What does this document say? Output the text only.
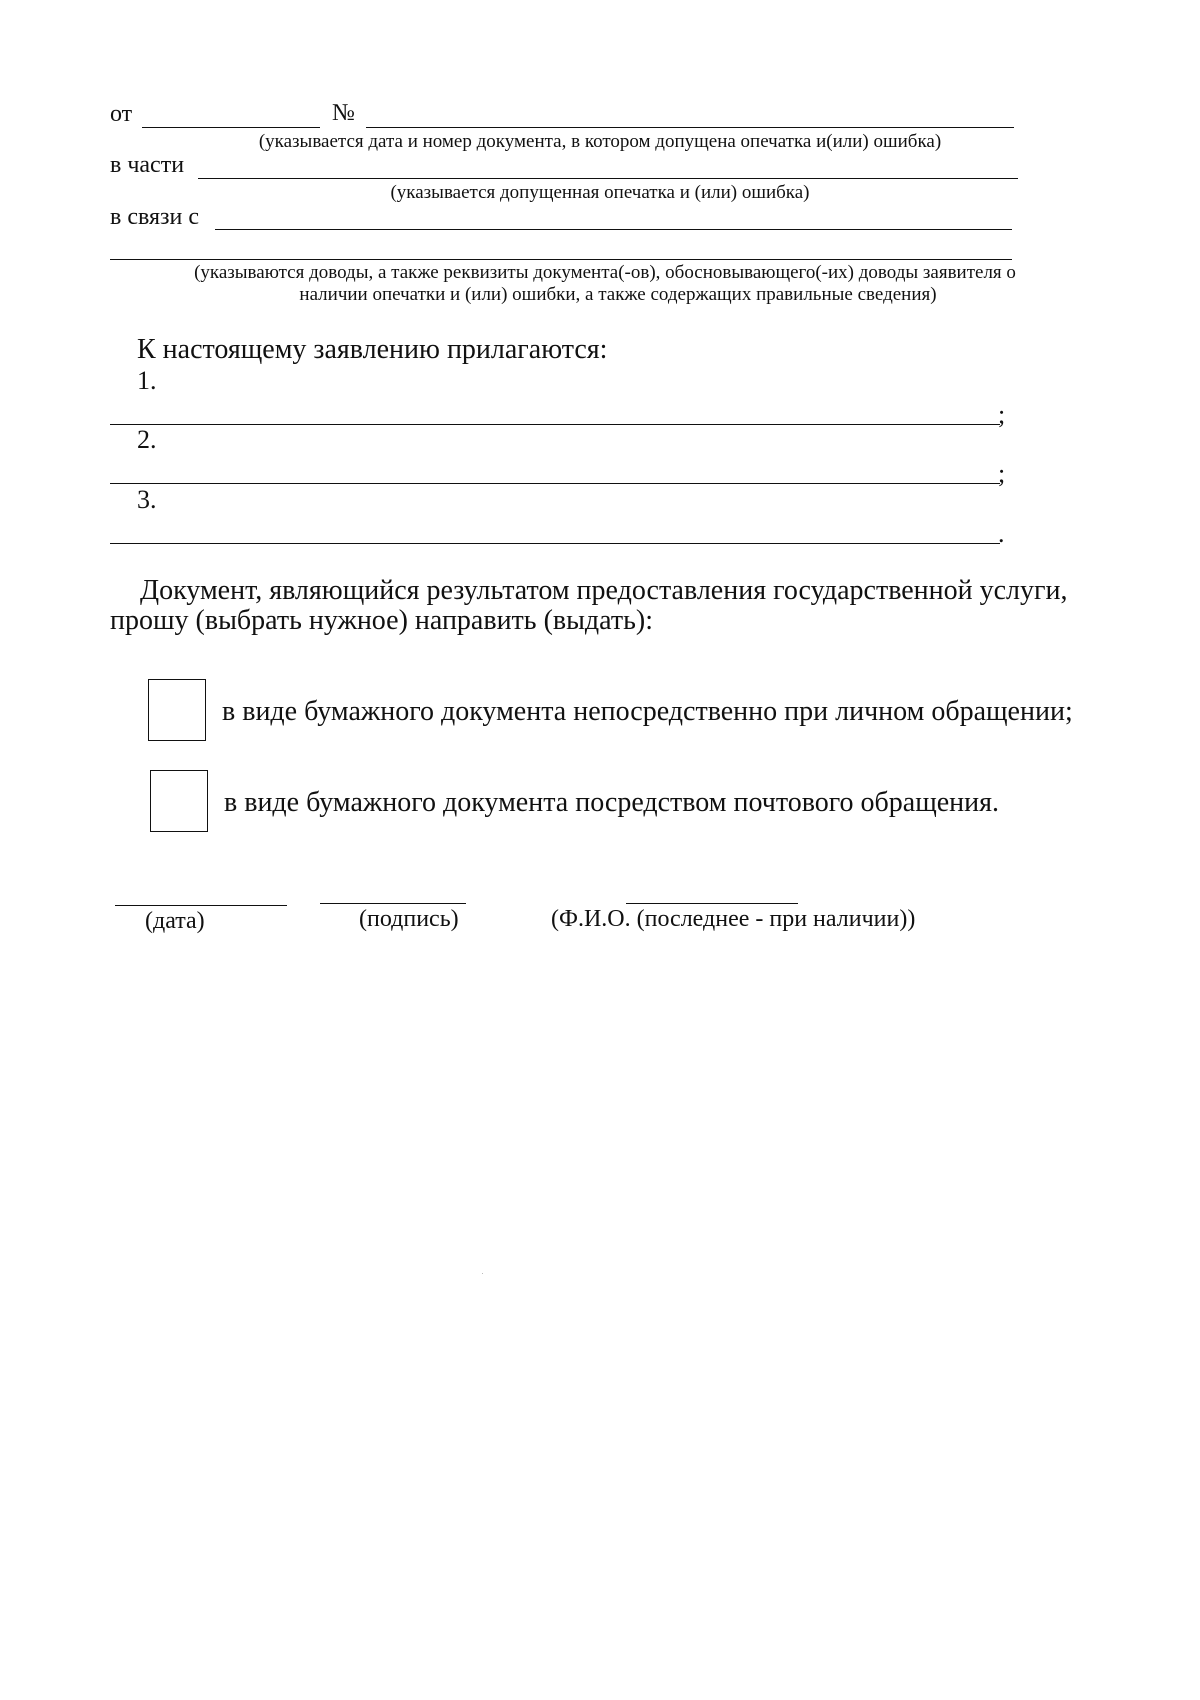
от	№
(указывается дата и номер документа, в котором допущена опечатка и(или) ошибка)
в части
(указывается допущенная опечатка и (или) ошибка)
в связи с
(указываются доводы, а также реквизиты документа(-ов), обосновывающего(-их) доводы заявителя о
наличии опечатки и (или) ошибки, а также содержащих правильные сведения)
К настоящему заявлению прилагаются:
1.
;
2.
;
3.
.
Документ, являющийся результатом предоставления государственной услуги,
прошу (выбрать нужное) направить (выдать):
в виде бумажного документа непосредственно при личном обращении;
в виде бумажного документа посредством почтового обращения.
(дата)	(подпись)	(Ф.И.О. (последнее - при наличии))
